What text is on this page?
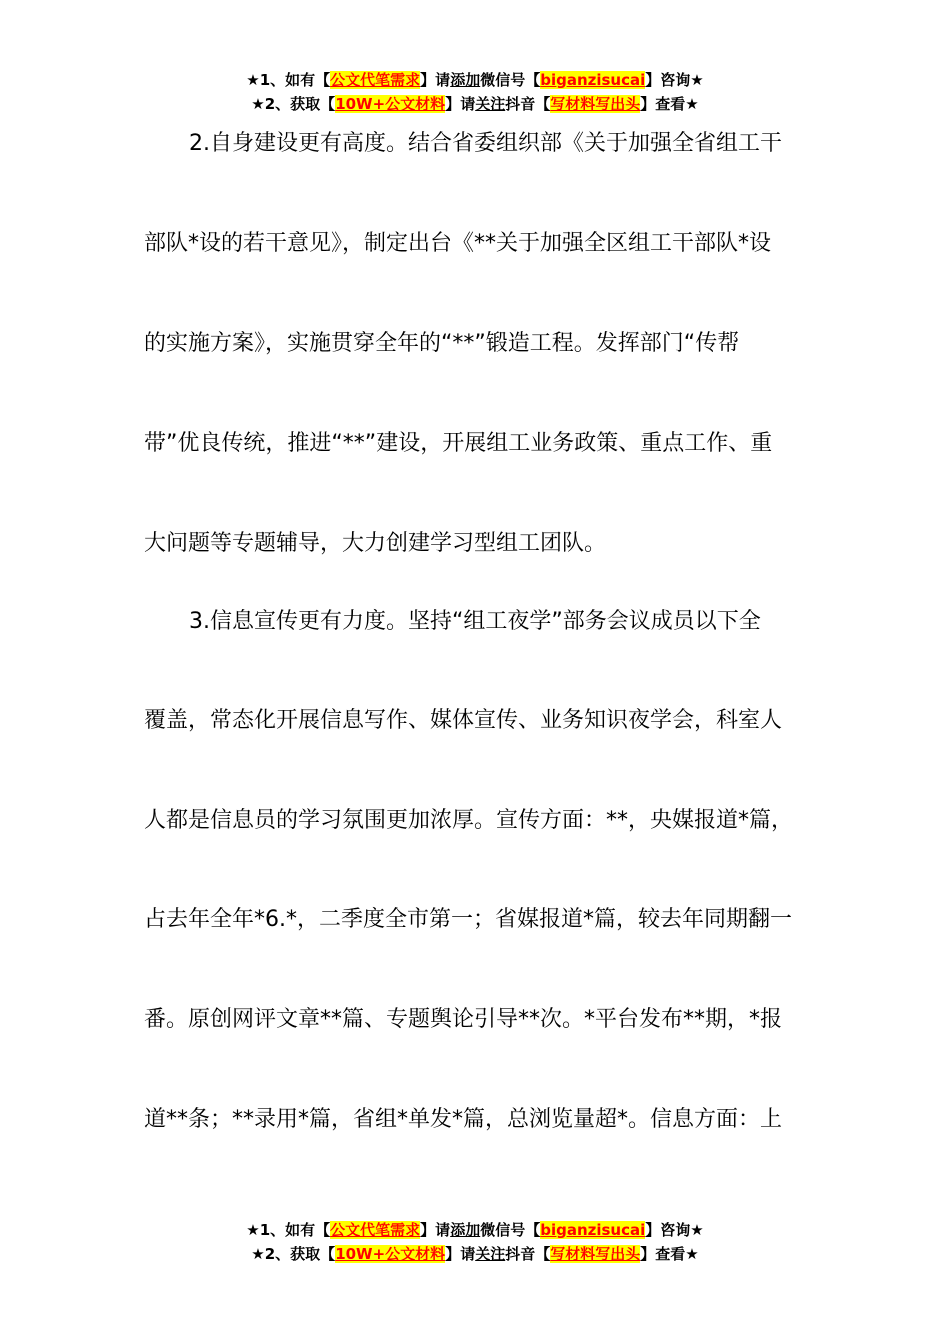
★1、如有【公文代笔需求】请添加微信号【biganzisucai】咨询★
★2、获取【10W+公文材料】请关注抖音【写材料写出头】查看★
2.自身建设更有高度。结合省委组织部《关于加强全省组工干
部队*设的若干意见》，制定出台《**关于加强全区组工干部队*设
的实施方案》，实施贯穿全年的“**”锻造工程。发挥部门“传帮
带”优良传统，推进“**”建设，开展组工业务政策、重点工作、重
大问题等专题辅导，大力创建学习型组工团队。
3.信息宣传更有力度。坚持“组工夜学”部务会议成员以下全
覆盖，常态化开展信息写作、媒体宣传、业务知识夜学会，科室人
人都是信息员的学习氛围更加浓厚。宣传方面：**，央媒报道*篇，
占去年全年*6.*，二季度全市第一；省媒报道*篇，较去年同期翻一
番。原创网评文章**篇、专题舆论引导**次。*平台发布**期，*报
道**条；**录用*篇，省组*单发*篇，总浏览量超*。信息方面：上
★1、如有【公文代笔需求】请添加微信号【biganzisucai】咨询★
★2、获取【10W+公文材料】请关注抖音【写材料写出头】查看★
